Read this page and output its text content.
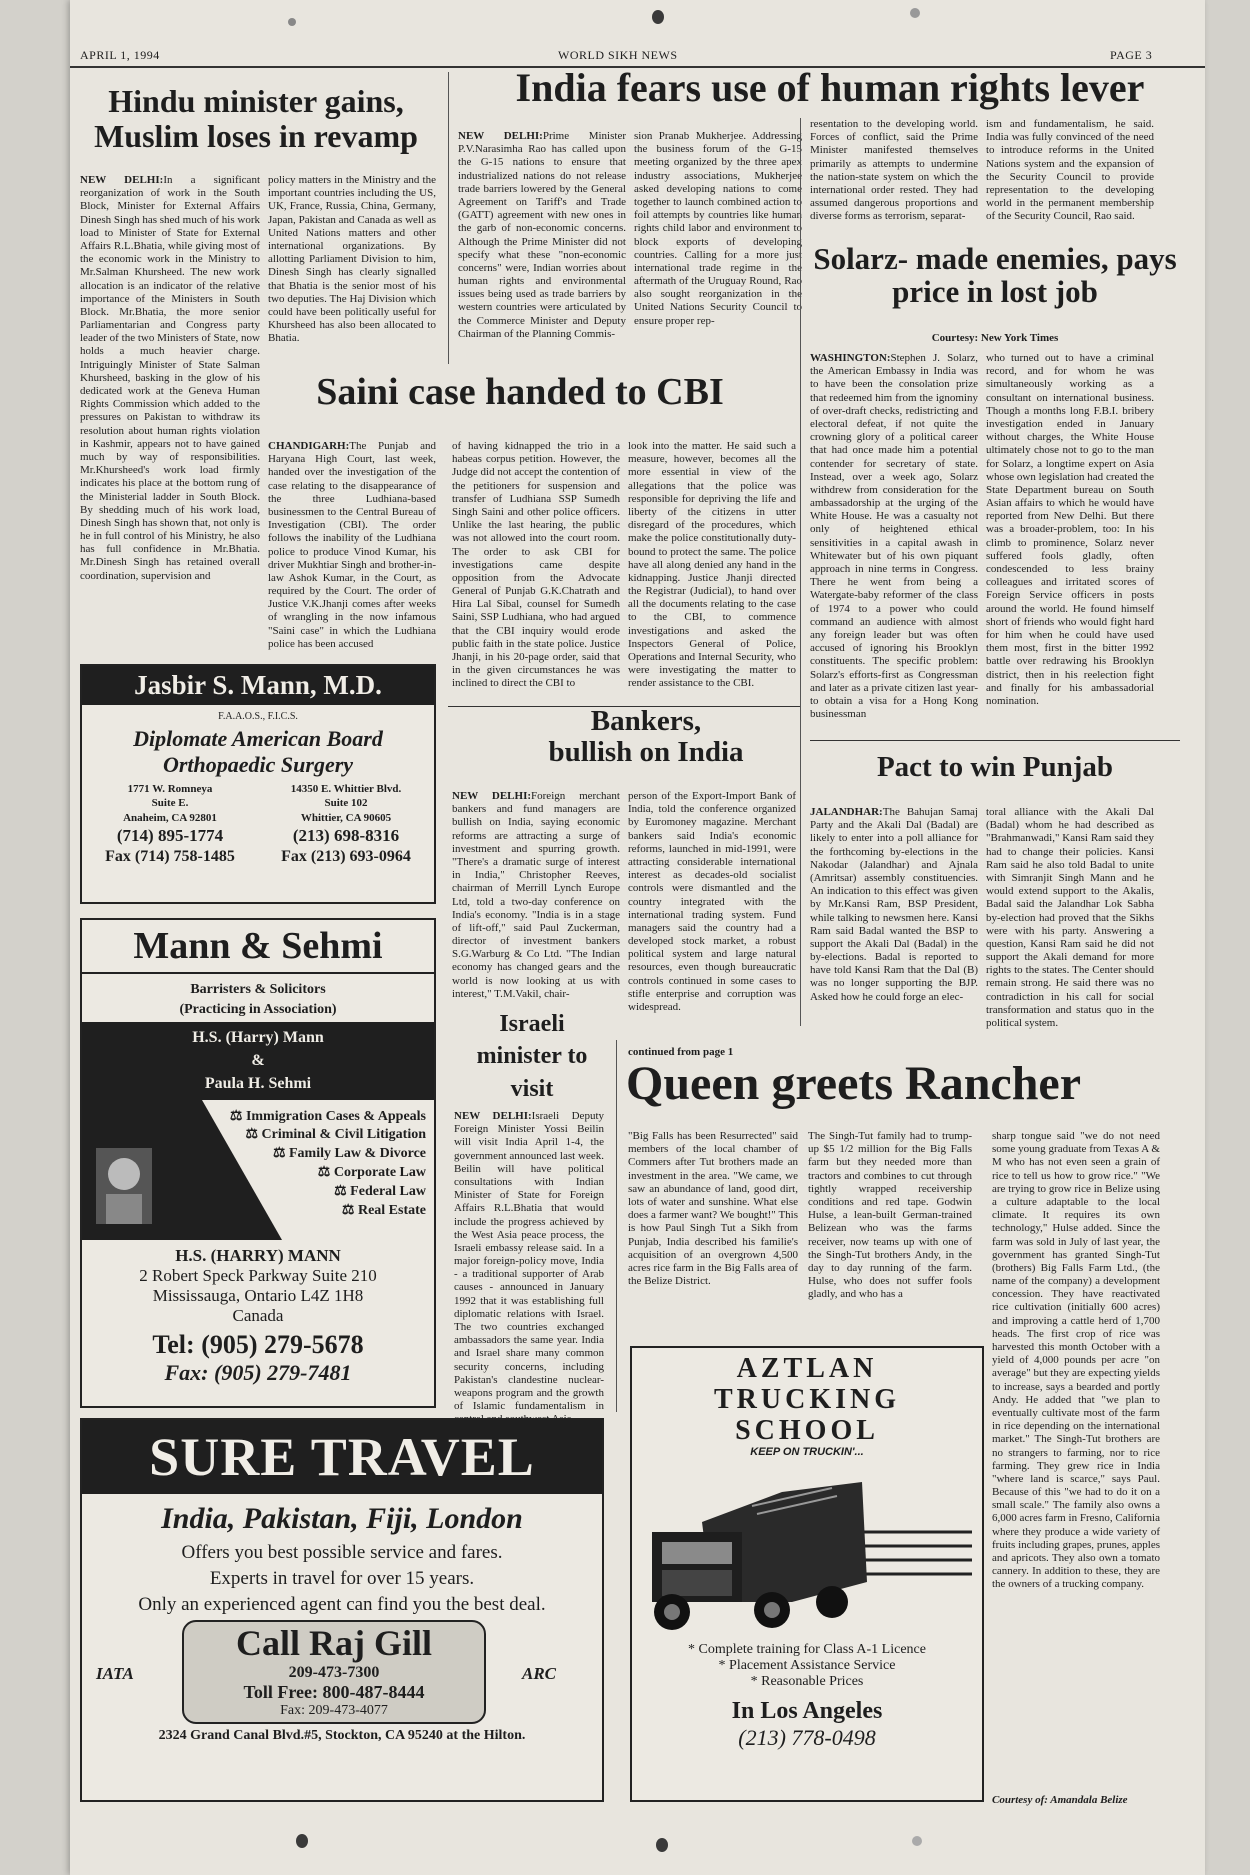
APRIL 1, 1994	WORLD SIKH NEWS	PAGE 3
Hindu minister gains, Muslim loses in revamp
NEW DELHI:In a significant reorganization of work in the South Block, Minister for External Affairs Dinesh Singh has shed much of his work load to Minister of State for External Affairs R.L.Bhatia, while giving most of the economic work in the Ministry to Mr.Salman Khursheed. The new work allocation is an indicator of the relative importance of the Ministers in South Block. Mr.Bhatia, the more senior Parliamentarian and Congress party leader of the two Ministers of State, now holds a much heavier charge. Intriguingly Minister of State Salman Khursheed, basking in the glow of his dedicated work at the Geneva Human Rights Commission which added to the pressures on Pakistan to withdraw its resolution about human rights violation in Kashmir, appears not to have gained much by way of responsibilities. Mr.Khursheed's work load firmly indicates his place at the bottom rung of the Ministerial ladder in South Block. By shedding much of his work load, Dinesh Singh has shown that, not only is he in full control of his Ministry, he also has full confidence in Mr.Bhatia. Mr.Dinesh Singh has retained overall coordination, supervision and
policy matters in the Ministry and the important countries including the US, UK, France, Russia, China, Germany, Japan, Pakistan and Canada as well as United Nations matters and other international organizations. By allotting Parliament Division to him, Dinesh Singh has clearly signalled that Bhatia is the senior most of his two deputies. The Haj Division which could have been politically useful for Khursheed has also been allocated to Bhatia.
India fears use of human rights lever
NEW DELHI:Prime Minister P.V.Narasimha Rao has called upon the G-15 nations to ensure that industrialized nations do not release trade barriers lowered by the General Agreement on Tariff's and Trade (GATT) agreement with new ones in the garb of non-economic concerns. Although the Prime Minister did not specify what these "non-economic concerns" were, Indian worries about human rights and environmental issues being used as trade barriers by western countries were articulated by the Commerce Minister and Deputy Chairman of the Planning Commis-
sion Pranab Mukherjee. Addressing the business forum of the G-15 meeting organized by the three apex industry associations, Mukherjee asked developing nations to come together to launch combined action to foil attempts by countries like human rights child labor and environment to block exports of developing countries. Calling for a more just international trade regime in the aftermath of the Uruguay Round, Rao also sought reorganization in the United Nations Security Council to ensure proper rep-
resentation to the developing world. Forces of conflict, said the Prime Minister manifested themselves primarily as attempts to undermine the nation-state system on which the international order rested. They had assumed dangerous proportions and diverse forms as terrorism, separat-
ism and fundamentalism, he said. India was fully convinced of the need to introduce reforms in the United Nations system and the expansion of the Security Council to provide representation to the developing world in the permanent membership of the Security Council, Rao said.
Solarz- made enemies, pays price in lost job
Courtesy: New York Times
WASHINGTON:Stephen J. Solarz, the American Embassy in India was to have been the consolation prize that redeemed him from the ignominy of over-draft checks, redistricting and electoral defeat, if not quite the crowning glory of a political career that had once made him a potential contender for secretary of state. Instead, over a week ago, Solarz withdrew from consideration for the ambassadorship at the urging of the White House. He was a casualty not only of heightened ethical sensitivities in a capital awash in Whitewater but of his own piquant approach in nine terms in Congress. There he went from being a Watergate-baby reformer of the class of 1974 to a power who could command an audience with almost any foreign leader but was often accused of ignoring his Brooklyn constituents. The specific problem: Solarz's efforts-first as Congressman and later as a private citizen last year-to obtain a visa for a Hong Kong businessman
who turned out to have a criminal record, and for whom he was simultaneously working as a consultant on international business. Though a months long F.B.I. bribery investigation ended in January without charges, the White House ultimately chose not to go to the man for Solarz, a longtime expert on Asia whose own legislation had created the State Department bureau on South Asian affairs to which he would have reported from New Delhi. But there was a broader-problem, too: In his climb to prominence, Solarz never suffered fools gladly, often condescended to less brainy colleagues and irritated scores of Foreign Service officers in posts around the world. He found himself short of friends who would fight hard for him when he could have used them most, first in the bitter 1992 battle over redrawing his Brooklyn district, then in his reelection fight and finally for his ambassadorial nomination.
Saini case handed to CBI
CHANDIGARH:The Punjab and Haryana High Court, last week, handed over the investigation of the case relating to the disappearance of the three Ludhiana-based businessmen to the Central Bureau of Investigation (CBI). The order follows the inability of the Ludhiana police to produce Vinod Kumar, his driver Mukhtiar Singh and brother-in-law Ashok Kumar, in the Court, as required by the Court. The order of Justice V.K.Jhanji comes after weeks of wrangling in the now infamous "Saini case" in which the Ludhiana police has been accused
of having kidnapped the trio in a habeas corpus petition. However, the Judge did not accept the contention of the petitioners for suspension and transfer of Ludhiana SSP Sumedh Singh Saini and other police officers. Unlike the last hearing, the public was not allowed into the court room. The order to ask CBI for investigations came despite opposition from the Advocate General of Punjab G.K.Chatrath and Hira Lal Sibal, counsel for Sumedh Saini, SSP Ludhiana, who had argued that the CBI inquiry would erode public faith in the state police. Justice Jhanji, in his 20-page order, said that in the given circumstances he was inclined to direct the CBI to
look into the matter. He said such a measure, however, becomes all the more essential in view of the allegations that the police was responsible for depriving the life and liberty of the citizens in utter disregard of the procedures, which make the police constitutionally duty-bound to protect the same. The police have all along denied any hand in the kidnapping. Justice Jhanji directed the Registrar (Judicial), to hand over all the documents relating to the case to the CBI, to commence investigations and asked the Inspectors General of Police, Operations and Internal Security, who were investigating the matter to render assistance to the CBI.
Bankers, bullish on India
NEW DELHI:Foreign merchant bankers and fund managers are bullish on India, saying economic reforms are attracting a surge of investment and spurring growth. "There's a dramatic surge of interest in India," Christopher Reeves, chairman of Merrill Lynch Europe Ltd, told a two-day conference on India's economy. "India is in a stage of lift-off," said Paul Zuckerman, director of investment bankers S.G.Warburg & Co Ltd. "The Indian economy has changed gears and the world is now looking at us with interest," T.M.Vakil, chair-
person of the Export-Import Bank of India, told the conference organized by Euromoney magazine. Merchant bankers said India's economic reforms, launched in mid-1991, were attracting considerable international interest as decades-old socialist controls were dismantled and the country integrated with the international trading system. Fund managers said the country had a developed stock market, a robust political system and large natural resources, even though bureaucratic controls continued in some cases to stifle enterprise and corruption was widespread.
Pact to win Punjab
JALANDHAR:The Bahujan Samaj Party and the Akali Dal (Badal) are likely to enter into a poll alliance for the forthcoming by-elections in the Nakodar (Jalandhar) and Ajnala (Amritsar) assembly constituencies. An indication to this effect was given by Mr.Kansi Ram, BSP President, while talking to newsmen here. Kansi Ram said Badal wanted the BSP to support the Akali Dal (Badal) in the by-elections. Badal is reported to have told Kansi Ram that the Dal (B) was no longer supporting the BJP. Asked how he could forge an elec-
toral alliance with the Akali Dal (Badal) whom he had described as "Brahmanwadi," Kansi Ram said they had to change their policies. Kansi Ram said he also told Badal to unite with Simranjit Singh Mann and he would extend support to the Akalis, Badal said the Jalandhar Lok Sabha by-election had proved that the Sikhs were with his party. Answering a question, Kansi Ram said he did not support the Akali demand for more rights to the states. The Center should remain strong. He said there was no contradiction in his call for social transformation and status quo in the political system.
Israeli minister to visit
NEW DELHI:Israeli Deputy Foreign Minister Yossi Beilin will visit India April 1-4, the government announced last week. Beilin will have political consultations with Indian Minister of State for Foreign Affairs R.L.Bhatia that would include the progress achieved by the West Asia peace process, the Israeli embassy release said. In a major foreign-policy move, India - a traditional supporter of Arab causes - announced in January 1992 that it was establishing full diplomatic relations with Israel. The two countries exchanged ambassadors the same year. India and Israel share many common security concerns, including Pakistan's clandestine nuclear-weapons program and the growth of Islamic fundamentalism in
continued from page 1
Queen greets Rancher
"Big Falls has been Resurrected" said members of the local chamber of Commers after Tut brothers made an investment in the area. "We came, we saw an abundance of land, good dirt, lots of water and sunshine. What else does a farmer want? We bought!" This is how Paul Singh Tut a Sikh from Punjab, India described his familie's acquisition of an overgrown 4,500 acres rice farm in the Big Falls area of the Belize District.
The Singh-Tut family had to trump-up $5 1/2 million for the Big Falls farm but they needed more than tractors and combines to cut through tightly wrapped receivership conditions and red tape. Godwin Hulse, a lean-built German-trained Belizean who was the farms receiver, now teams up with one of the Singh-Tut brothers Andy, in the day to day running of the farm. Hulse, who does not suffer fools gladly, and who has a
sharp tongue said "we do not need some young graduate from Texas A & M who has not even seen a grain of rice to tell us how to grow rice." "We are trying to grow rice in Belize using a culture adaptable to the local climate. It requires its own technology," Hulse added. Since the farm was sold in July of last year, the government has granted Singh-Tut (brothers) Big Falls Farm Ltd., (the name of the company) a development concession. They have reactivated rice cultivation (initially 600 acres) and improving a cattle herd of 1,700 heads. The first crop of rice was harvested this month October with a yield of 4,000 pounds per acre "on average" but they are expecting yields to increase, says a bearded and portly Andy. He added that "we plan to eventually cultivate most of the farm in rice depending on the international market." The Singh-Tut brothers are no strangers to farming, nor to rice farming. They grew rice in India "where land is scarce," says Paul. Because of this "we had to do it on a small scale." The family also owns a 6,000 acres farm in Fresno, California where they produce a wide variety of fruits including grapes, prunes, apples and apricots. They also own a tomato cannery. In addition to these, they are the owners of a trucking company.
Courtesy of: Amandala Belize
Jasbir S. Mann, M.D.
F.A.A.O.S., F.I.C.S.
Diplomate American Board
Orthopaedic Surgery
1771 W. Romneya
Suite E.
Anaheim, CA 92801
(714) 895-1774
Fax (714) 758-1485
14350 E. Whittier Blvd.
Suite 102
Whittier, CA 90605
(213) 698-8316
Fax (213) 693-0964
Mann & Sehmi
Barristers & Solicitors
(Practicing in Association)
H.S. (Harry) Mann
&
Paula H. Sehmi
⚖ Immigration Cases & Appeals
⚖ Criminal & Civil Litigation
⚖ Family Law & Divorce
⚖ Corporate Law
⚖ Federal Law
⚖ Real Estate
H.S. (HARRY) MANN
2 Robert Speck Parkway Suite 210
Mississauga, Ontario L4Z 1H8
Canada
Tel: (905) 279-5678
Fax: (905) 279-7481
SURE TRAVEL
India, Pakistan, Fiji, London
Offers you best possible service and fares.
Experts in travel for over 15 years.
Only an experienced agent can find you the best deal.
IATA
Call Raj Gill
209-473-7300
Toll Free: 800-487-8444
Fax: 209-473-4077
ARC
2324 Grand Canal Blvd.#5, Stockton, CA 95240 at the Hilton.
AZTLAN
TRUCKING
SCHOOL
KEEP ON TRUCKIN'...
* Complete training for Class A-1 Licence
* Placement Assistance Service
* Reasonable Prices
In Los Angeles
(213) 778-0498
